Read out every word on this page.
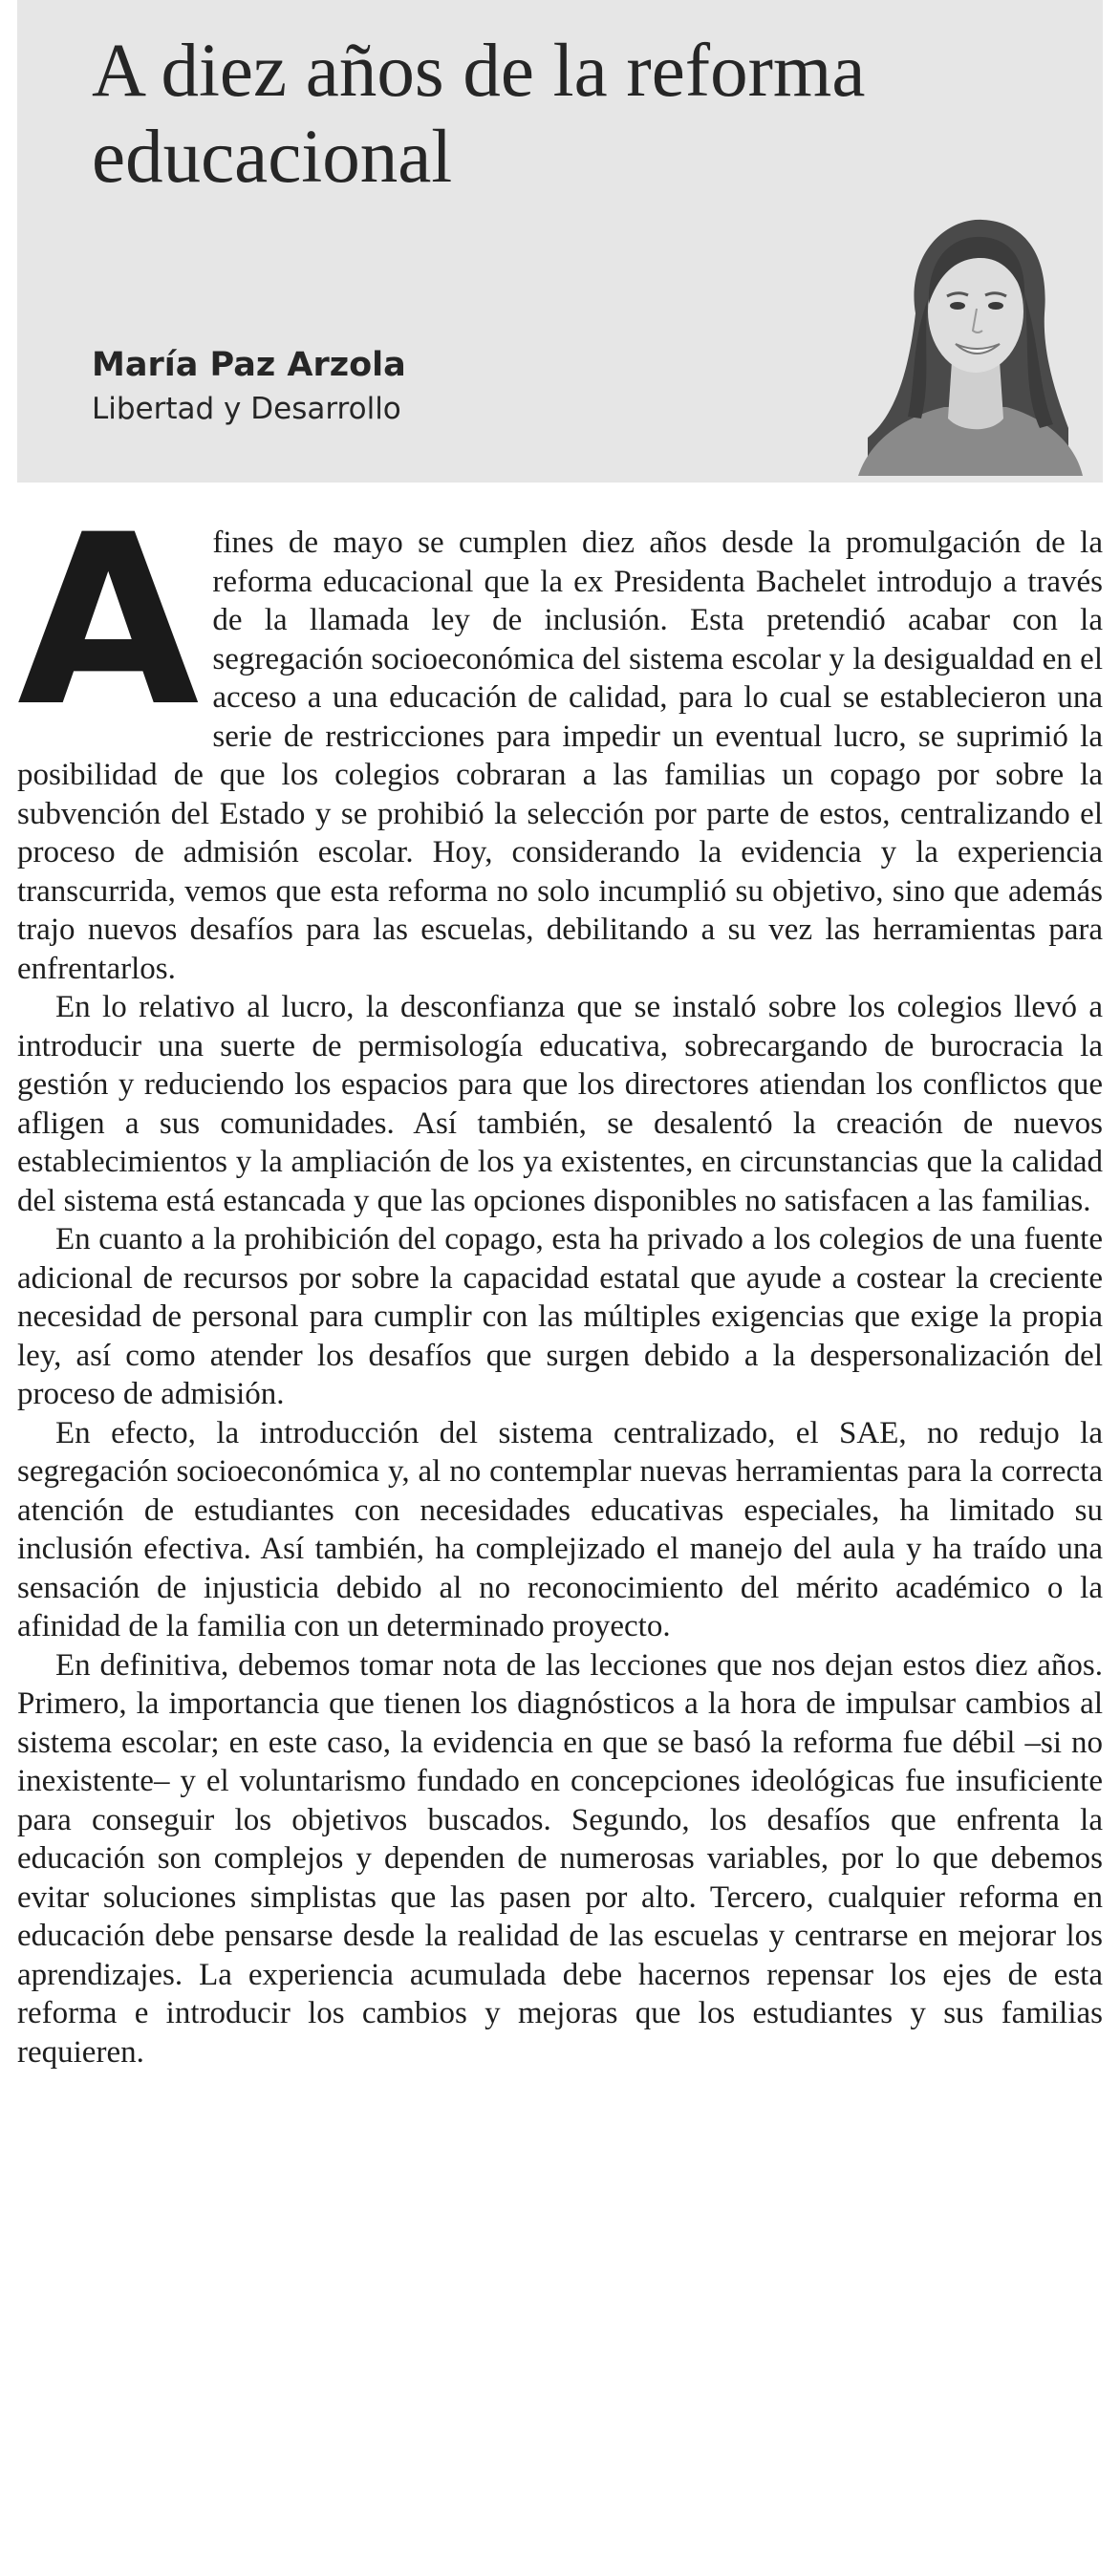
A diez años de la reforma educacional
María Paz Arzola
Libertad y Desarrollo

Afines de mayo se cumplen diez años desde la promulgación de la reforma educacional que la ex Presidenta Bachelet introdujo a través de la llamada ley de inclusión. Esta pretendió acabar con la segregación socioeconómica del sistema escolar y la desigualdad en el acceso a una educación de calidad, para lo cual se establecieron una serie de restricciones para impedir un eventual lucro, se suprimió la posibilidad de que los colegios cobraran a las familias un copago por sobre la subvención del Estado y se prohibió la selección por parte de estos, centralizando el proceso de admisión escolar. Hoy, considerando la evidencia y la experiencia transcurrida, vemos que esta reforma no solo incumplió su objetivo, sino que además trajo nuevos desafíos para las escuelas, debilitando a su vez las herramientas para enfrentarlos.

En lo relativo al lucro, la desconfianza que se instaló sobre los colegios llevó a introducir una suerte de permisología educativa, sobrecargando de burocracia la gestión y reduciendo los espacios para que los directores atiendan los conflictos que afligen a sus comunidades. Así también, se desalentó la creación de nuevos establecimientos y la ampliación de los ya existentes, en circunstancias que la calidad del sistema está estancada y que las opciones disponibles no satisfacen a las familias.

En cuanto a la prohibición del copago, esta ha privado a los colegios de una fuente adicional de recursos por sobre la capacidad estatal que ayude a costear la creciente necesidad de personal para cumplir con las múltiples exigencias que exige la propia ley, así como atender los desafíos que surgen debido a la despersonalización del proceso de admisión.

En efecto, la introducción del sistema centralizado, el SAE, no redujo la segregación socioeconómica y, al no contemplar nuevas herramientas para la correcta atención de estudiantes con necesidades educativas especiales, ha limitado su inclusión efectiva. Así también, ha complejizado el manejo del aula y ha traído una sensación de injusticia debido al no reconocimiento del mérito académico o la afinidad de la familia con un determinado proyecto.

En definitiva, debemos tomar nota de las lecciones que nos dejan estos diez años. Primero, la importancia que tienen los diagnósticos a la hora de impulsar cambios al sistema escolar; en este caso, la evidencia en que se basó la reforma fue débil –si no inexistente– y el voluntarismo fundado en concepciones ideológicas fue insuficiente para conseguir los objetivos buscados. Segundo, los desafíos que enfrenta la educación son complejos y dependen de numerosas variables, por lo que debemos evitar soluciones simplistas que las pasen por alto. Tercero, cualquier reforma en educación debe pensarse desde la realidad de las escuelas y centrarse en mejorar los aprendizajes. La experiencia acumulada debe hacernos repensar los ejes de esta reforma e introducir los cambios y mejoras que los estudiantes y sus familias requieren.
